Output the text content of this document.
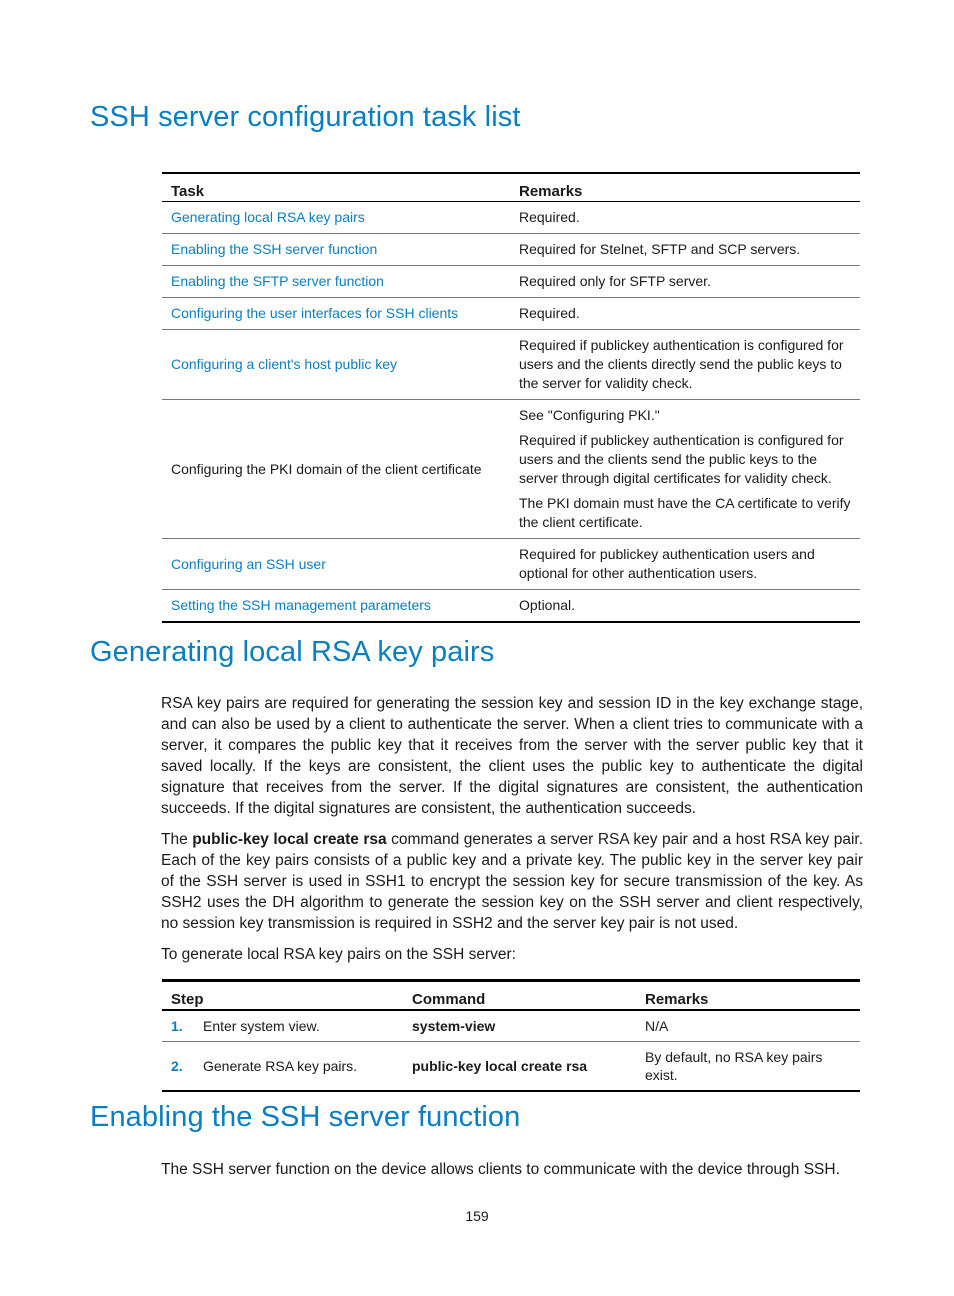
SSH server configuration task list
Task	Remarks
Generating local RSA key pairs	Required.

Enabling the SSH server function	Required for Stelnet, SFTP and SCP servers.

Enabling the SFTP server function	Required only for SFTP server.

Configuring the user interfaces for SSH clients	Required.

Configuring a client's host public key	Required if publickey authentication is configured for users and the clients directly send the public keys to the server for validity check.

Configuring the PKI domain of the client certificate	See "Configuring PKI."

Required if publickey authentication is configured for users and the clients send the public keys to the server through digital certificates for validity check.

The PKI domain must have the CA certificate to verify the client certificate.

Configuring an SSH user	Required for publickey authentication users and optional for other authentication users.

Setting the SSH management parameters	Optional.

Generating local RSA key pairs

RSA key pairs are required for generating the session key and session ID in the key exchange stage, and can also be used by a client to authenticate the server. When a client tries to communicate with a server, it compares the public key that it receives from the server with the server public key that it saved locally. If the keys are consistent, the client uses the public key to authenticate the digital signature that receives from the server. If the digital signatures are consistent, the authentication succeeds. If the digital signatures are consistent, the authentication succeeds.

The public-key local create rsa command generates a server RSA key pair and a host RSA key pair. Each of the key pairs consists of a public key and a private key. The public key in the server key pair of the SSH server is used in SSH1 to encrypt the session key for secure transmission of the key. As SSH2 uses the DH algorithm to generate the session key on the SSH server and client respectively, no session key transmission is required in SSH2 and the server key pair is not used.

To generate local RSA key pairs on the SSH server:

Step	Command	Remarks
1. Enter system view.	system-view	N/A
2. Generate RSA key pairs.	public-key local create rsa	By default, no RSA key pairs exist.
Enabling the SSH server function

The SSH server function on the device allows clients to communicate with the device through SSH.

159
